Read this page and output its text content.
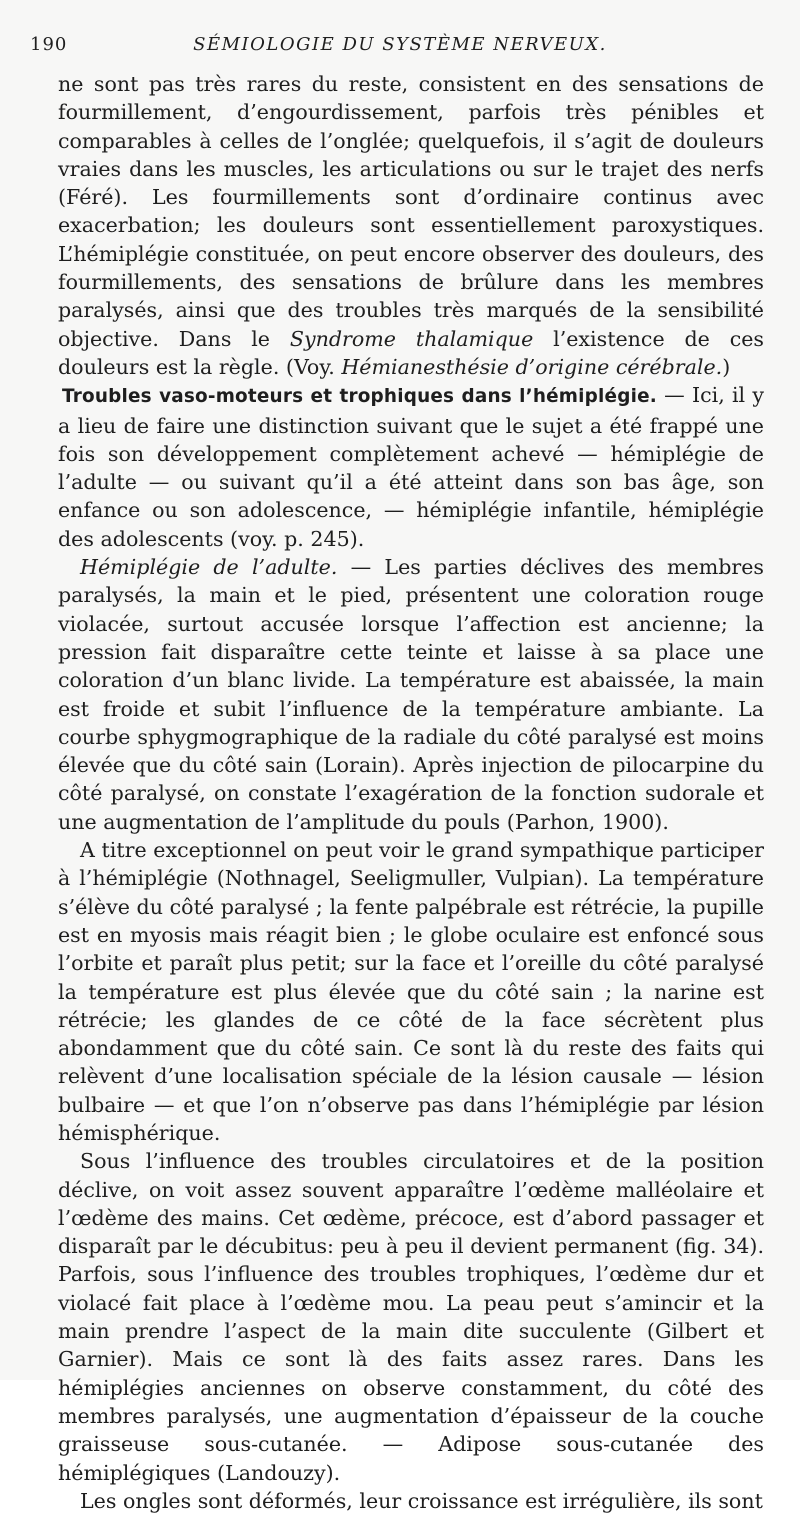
190	SÉMIOLOGIE DU SYSTÈME NERVEUX.

ne sont pas très rares du reste, consistent en des sensations de fourmillement, d’engourdissement, parfois très pénibles et comparables à celles de l’onglée; quelquefois, il s’agit de douleurs vraies dans les muscles, les articulations ou sur le trajet des nerfs (Féré). Les fourmillements sont d’ordinaire continus avec exacerbation; les douleurs sont essentiellement paroxystiques. L’hémiplégie constituée, on peut encore observer des douleurs, des fourmillements, des sensations de brûlure dans les membres paralysés, ainsi que des troubles très marqués de la sensibilité objective. Dans le Syndrome thalamique l’existence de ces douleurs est la règle. (Voy. Hémianesthésie d’origine cérébrale.)

Troubles vaso-moteurs et trophiques dans l’hémiplégie. — Ici, il y a lieu de faire une distinction suivant que le sujet a été frappé une fois son développement complètement achevé — hémiplégie de l’adulte — ou suivant qu’il a été atteint dans son bas âge, son enfance ou son adolescence, — hémiplégie infantile, hémiplégie des adolescents (voy. p. 245).

Hémiplégie de l’adulte. — Les parties déclives des membres paralysés, la main et le pied, présentent une coloration rouge violacée, surtout accusée lorsque l’affection est ancienne; la pression fait disparaître cette teinte et laisse à sa place une coloration d’un blanc livide. La température est abaissée, la main est froide et subit l’influence de la température ambiante. La courbe sphygmographique de la radiale du côté paralysé est moins élevée que du côté sain (Lorain). Après injection de pilocarpine du côté paralysé, on constate l’exagération de la fonction sudorale et une augmentation de l’amplitude du pouls (Parhon, 1900).

A titre exceptionnel on peut voir le grand sympathique participer à l’hémiplégie (Nothnagel, Seeligmuller, Vulpian). La température s’élève du côté paralysé ; la fente palpébrale est rétrécie, la pupille est en myosis mais réagit bien ; le globe oculaire est enfoncé sous l’orbite et paraît plus petit; sur la face et l’oreille du côté paralysé la température est plus élevée que du côté sain ; la narine est rétrécie; les glandes de ce côté de la face sécrètent plus abondamment que du côté sain. Ce sont là du reste des faits qui relèvent d’une localisation spéciale de la lésion causale — lésion bulbaire — et que l’on n’observe pas dans l’hémiplégie par lésion hémisphérique.

Sous l’influence des troubles circulatoires et de la position déclive, on voit assez souvent apparaître l’œdème malléolaire et l’œdème des mains. Cet œdème, précoce, est d’abord passager et disparaît par le décubitus: peu à peu il devient permanent (fig. 34). Parfois, sous l’influence des troubles trophiques, l’œdème dur et violacé fait place à l’œdème mou. La peau peut s’amincir et la main prendre l’aspect de la main dite succulente (Gilbert et Garnier). Mais ce sont là des faits assez rares. Dans les hémiplégies anciennes on observe constamment, du côté des membres paralysés, une augmentation d’épaisseur de la couche graisseuse sous-cutanée. — Adipose sous-cutanée des hémiplégiques (Landouzy).

Les ongles sont déformés, leur croissance est irrégulière, ils sont
